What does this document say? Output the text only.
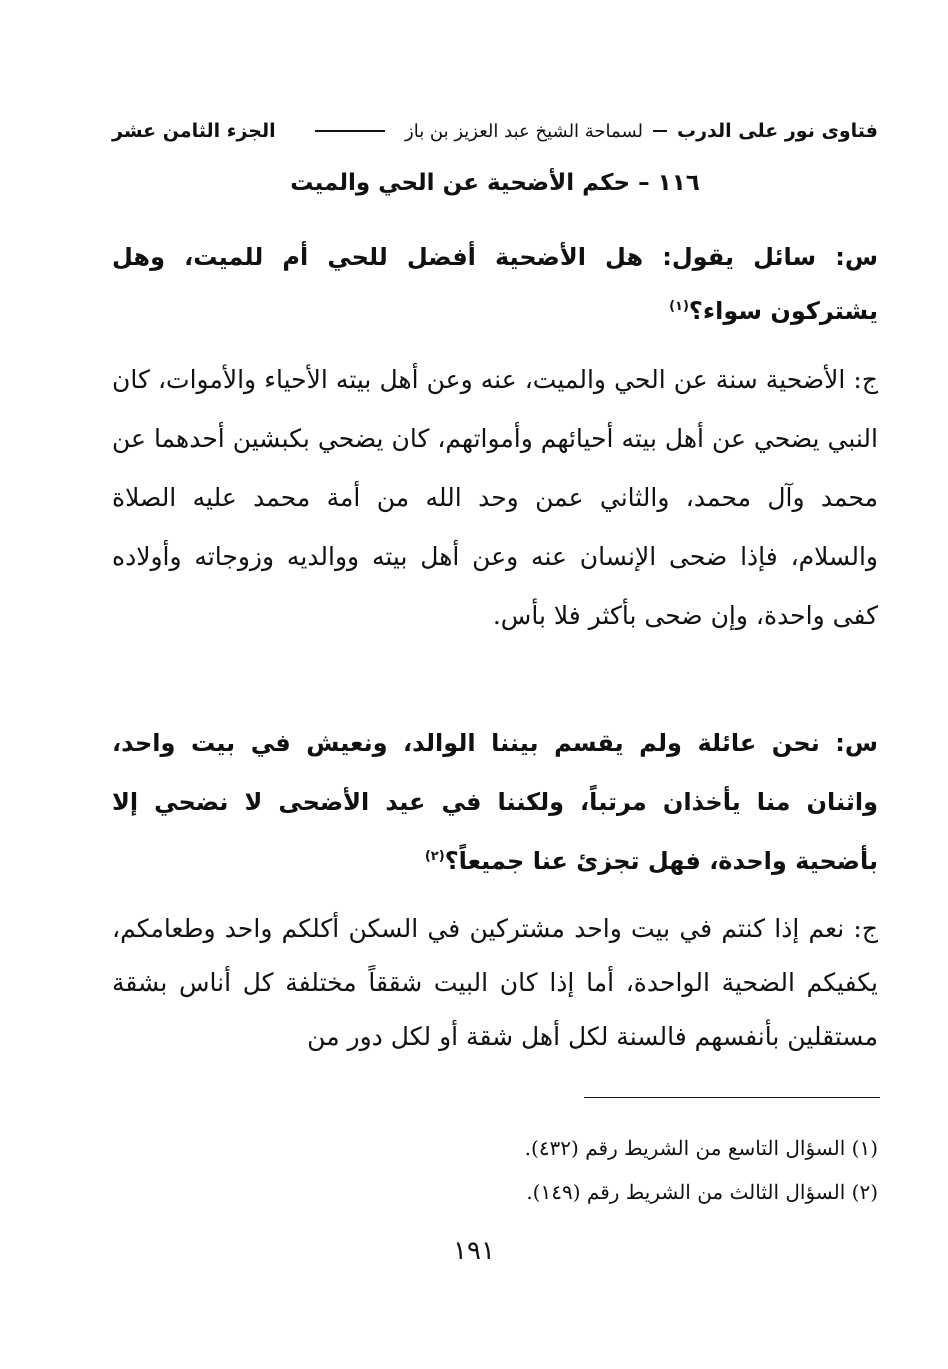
فتاوى نور على الدرب
لسماحة الشيخ عبد العزيز بن باز
الجزء الثامن عشر
١١٦ – حكم الأضحية عن الحي والميت

س: سائل يقول: هل الأضحية أفضل للحي أم للميت، وهل يشتركون سواء؟$^{(١)}$

ج: الأضحية سنة عن الحي والميت، عنه وعن أهل بيته الأحياء والأموات، كان النبي يضحي عن أهل بيته أحيائهم وأمواتهم، كان يضحي بكبشين أحدهما عن محمد وآل محمد، والثاني عمن وحد الله من أمة محمد عليه الصلاة والسلام، فإذا ضحى الإنسان عنه وعن أهل بيته ووالديه وزوجاته وأولاده كفى واحدة، وإن ضحى بأكثر فلا بأس.

س: نحن عائلة ولم يقسم بيننا الوالد، ونعيش في بيت واحد، واثنان منا يأخذان مرتباً، ولكننا في عيد الأضحى لا نضحي إلا بأضحية واحدة، فهل تجزئ عنا جميعاً؟$^{(٢)}$

ج: نعم إذا كنتم في بيت واحد مشتركين في السكن أكلكم واحد وطعامكم، يكفيكم الضحية الواحدة، أما إذا كان البيت شققاً مختلفة كل أناس بشقة مستقلين بأنفسهم فالسنة لكل أهل شقة أو لكل دور من

(١) السؤال التاسع من الشريط رقم (٤٣٢).
(٢) السؤال الثالث من الشريط رقم (١٤٩).
١٩١
